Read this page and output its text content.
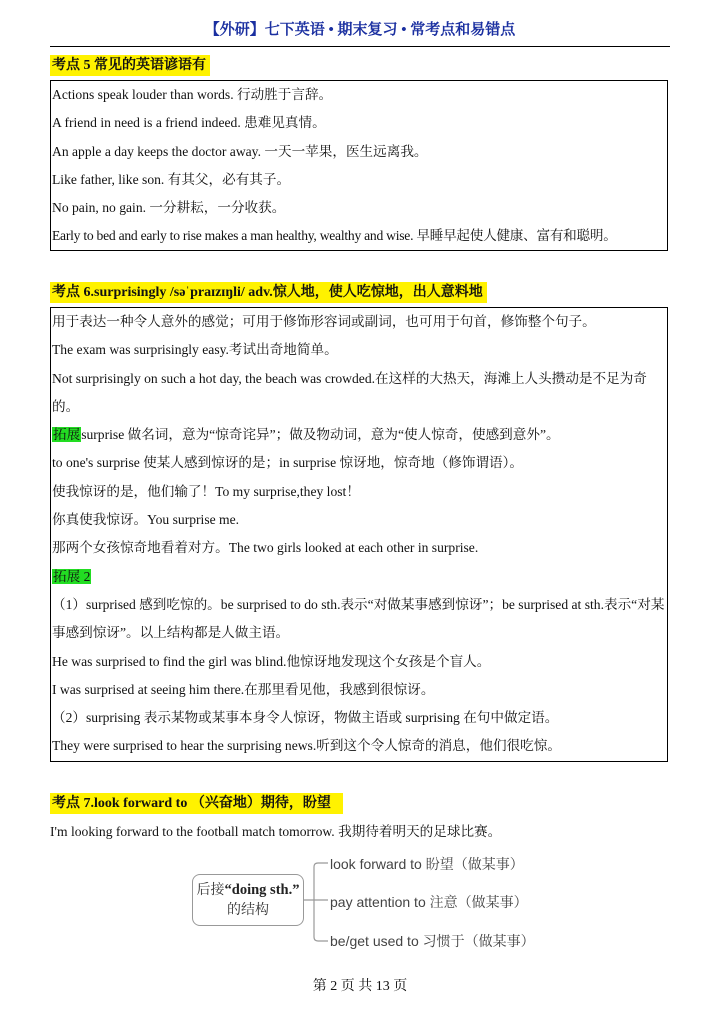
【外研】七下英语 • 期末复习 • 常考点和易错点
考点 5 常见的英语谚语有
Actions speak louder than words. 行动胜于言辞。
A friend in need is a friend indeed. 患难见真情。
An apple a day keeps the doctor away. 一天一苹果，医生远离我。
Like father, like son. 有其父，必有其子。
No pain, no gain. 一分耕耘，一分收获。
Early to bed and early to rise makes a man healthy, wealthy and wise. 早睡早起使人健康、富有和聪明。
考点 6.surprisingly /səˈpraɪzɪŋli/ adv.惊人地，使人吃惊地，出人意料地
用于表达一种令人意外的感觉；可用于修饰形容词或副词，也可用于句首，修饰整个句子。
The exam was surprisingly easy.考试出奇地简单。
Not surprisingly on such a hot day, the beach was crowded.在这样的大热天，海滩上人头攒动是不足为奇的。
拓展surprise 做名词，意为“惊奇诧异”；做及物动词，意为“使人惊奇，使感到意外”。
to one's surprise 使某人感到惊讶的是；in surprise 惊讶地，惊奇地（修饰谓语）。
使我惊讶的是，他们输了！To my surprise,they lost！
你真使我惊讶。You surprise me.
那两个女孩惊奇地看着对方。The two girls looked at each other in surprise.
拓展 2
（1）surprised 感到吃惊的。be surprised to do sth.表示“对做某事感到惊讶”；be surprised at sth.表示“对某事感到惊讶”。以上结构都是人做主语。
He was surprised to find the girl was blind.他惊讶地发现这个女孩是个盲人。
I was surprised at seeing him there.在那里看见他，我感到很惊讶。
（2）surprising 表示某物或某事本身令人惊讶，物做主语或 surprising 在句中做定语。
They were surprised to hear the surprising news.听到这个令人惊奇的消息，他们很吃惊。
考点 7.look forward to （兴奋地）期待，盼望
I'm looking forward to the football match tomorrow. 我期待着明天的足球比赛。
后接“doing sth.”
的结构
look forward to 盼望（做某事）
pay attention to 注意（做某事）
be/get used to 习惯于（做某事）
第 2 页 共 13 页
